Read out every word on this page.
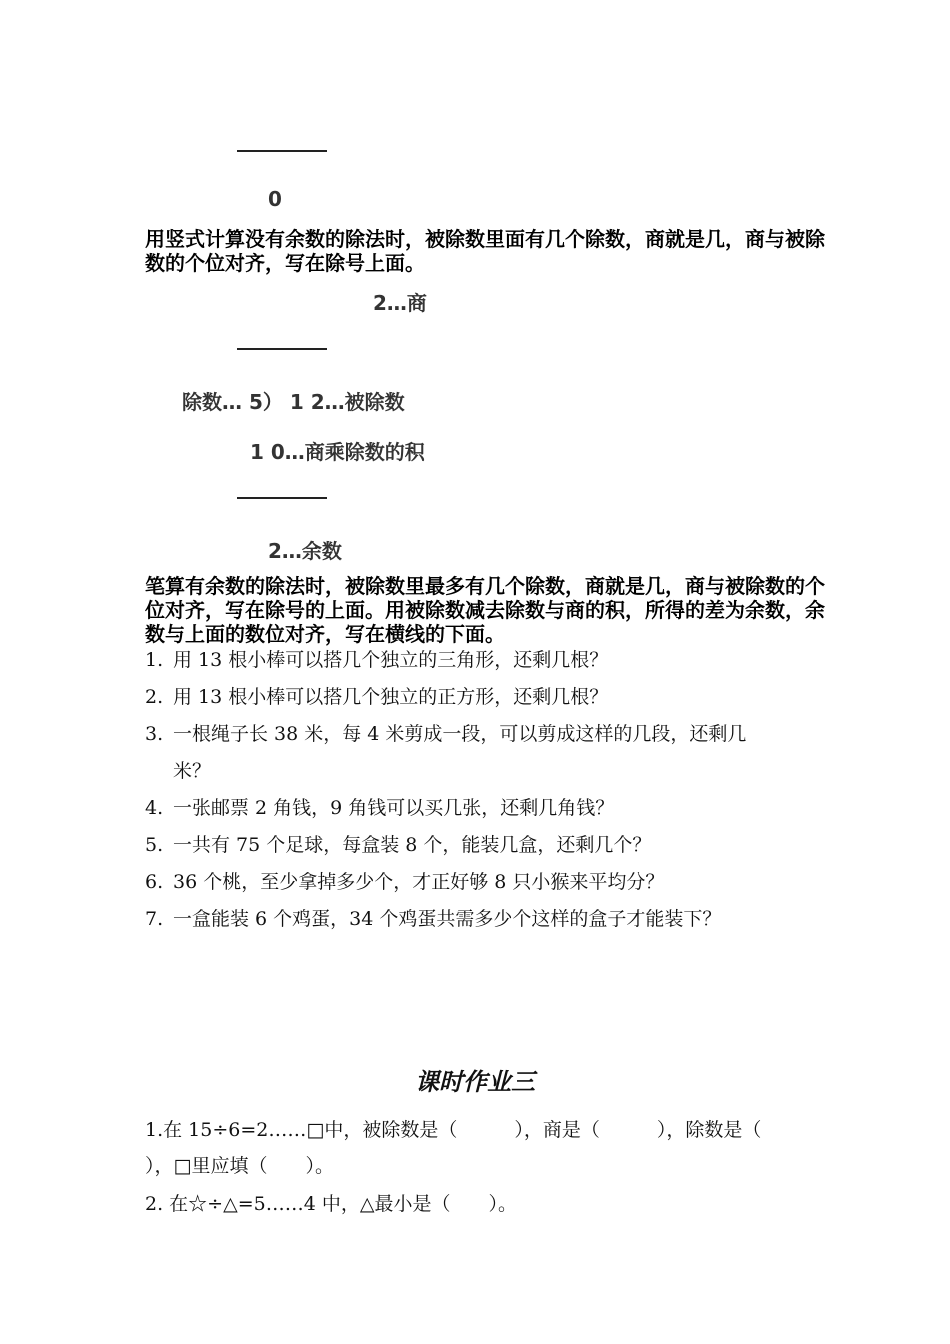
0
用竖式计算没有余数的除法时，被除数里面有几个除数，商就是几，商与被除数的个位对齐，写在除号上面。
2…商
除数… 5） 1 2…被除数
1 0…商乘除数的积
2…余数
笔算有余数的除法时，被除数里最多有几个除数，商就是几，商与被除数的个位对齐，写在除号的上面。用被除数减去除数与商的积，所得的差为余数，余数与上面的数位对齐，写在横线的下面。
1. 用 13 根小棒可以搭几个独立的三角形，还剩几根？
2. 用 13 根小棒可以搭几个独立的正方形，还剩几根？
3. 一根绳子长 38 米，每 4 米剪成一段，可以剪成这样的几段，还剩几
米？
4. 一张邮票 2 角钱，9 角钱可以买几张，还剩几角钱？
5. 一共有 75 个足球，每盒装 8 个，能装几盒，还剩几个？
6. 36 个桃，至少拿掉多少个，才正好够 8 只小猴来平均分？
7. 一盒能装 6 个鸡蛋，34 个鸡蛋共需多少个这样的盒子才能装下？
课时作业三
1.在 15÷6=2……□中，被除数是（　　　），商是（　　　），除数是（
），□里应填（　　）。
2. 在☆÷△=5……4 中，△最小是（　　）。
